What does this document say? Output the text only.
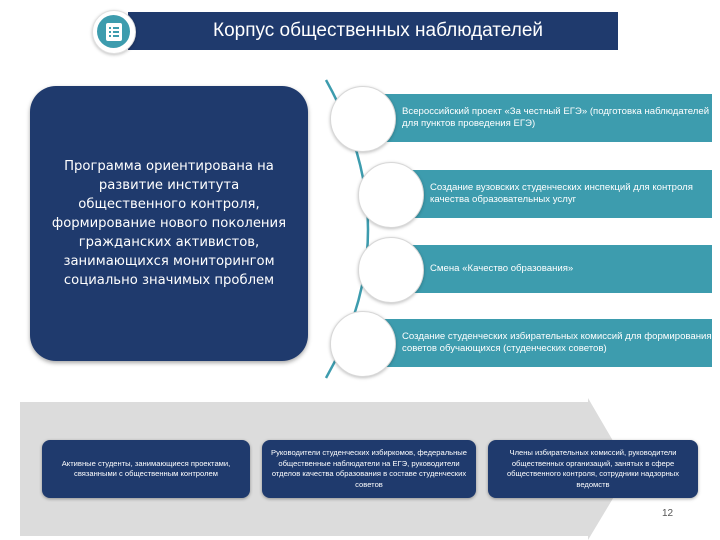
Корпус общественных наблюдателей
Программа ориентирована на развитие института общественного контроля, формирование нового поколения гражданских активистов, занимающихся мониторингом социально значимых проблем
Всероссийский проект «За честный ЕГЭ» (подготовка наблюдателей для пунктов проведения ЕГЭ)
Создание вузовских студенческих инспекций для контроля качества образовательных услуг
Смена «Качество образования»
Создание студенческих избирательных комиссий для формирования советов обучающихся (студенческих советов)
Активные студенты, занимающиеся проектами, связанными с общественным контролем
Руководители студенческих избиркомов, федеральные общественные наблюдатели на ЕГЭ, руководители отделов качества образования в составе студенческих советов
Члены избирательных комиссий, руководители общественных организаций, занятых в сфере общественного контроля, сотрудники надзорных ведомств
12
